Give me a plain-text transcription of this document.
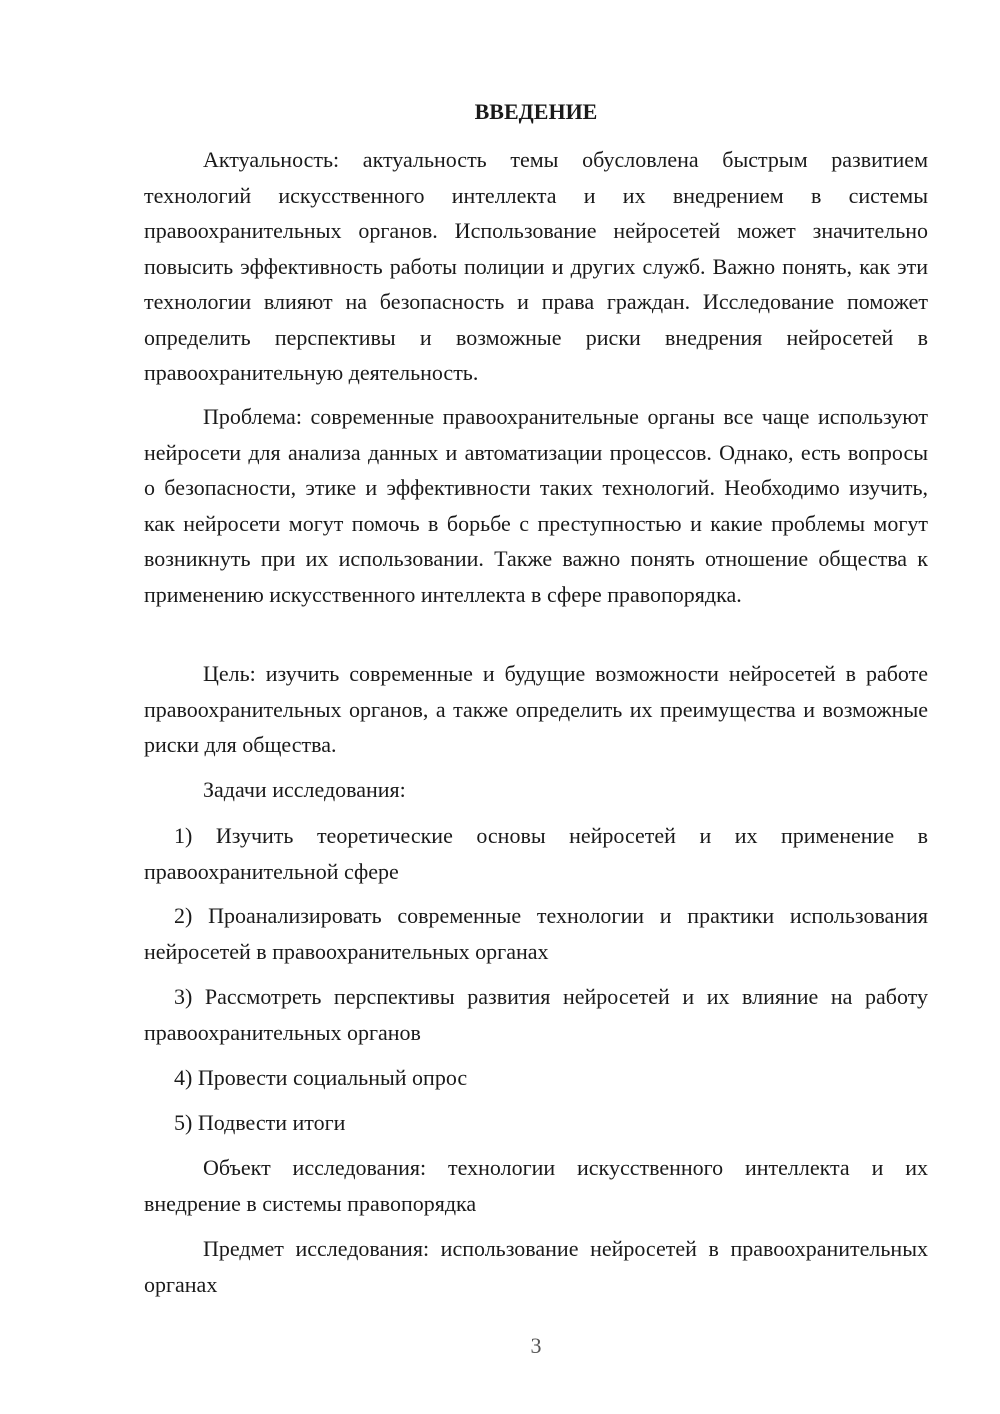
ВВЕДЕНИЕ

Актуальность: актуальность темы обусловлена быстрым развитием технологий искусственного интеллекта и их внедрением в системы правоохранительных органов. Использование нейросетей может значительно повысить эффективность работы полиции и других служб. Важно понять, как эти технологии влияют на безопасность и права граждан. Исследование поможет определить перспективы и возможные риски внедрения нейросетей в правоохранительную деятельность.

Проблема: современные правоохранительные органы все чаще используют нейросети для анализа данных и автоматизации процессов. Однако, есть вопросы о безопасности, этике и эффективности таких технологий. Необходимо изучить, как нейросети могут помочь в борьбе с преступностью и какие проблемы могут возникнуть при их использовании. Также важно понять отношение общества к применению искусственного интеллекта в сфере правопорядка.

Цель: изучить современные и будущие возможности нейросетей в работе правоохранительных органов, а также определить их преимущества и возможные риски для общества.

Задачи исследования:

1) Изучить теоретические основы нейросетей и их применение в правоохранительной сфере

2) Проанализировать современные технологии и практики использования нейросетей в правоохранительных органах

3) Рассмотреть перспективы развития нейросетей и их влияние на работу правоохранительных органов

4) Провести социальный опрос

5) Подвести итоги

Объект исследования: технологии искусственного интеллекта и их внедрение в системы правопорядка

Предмет исследования: использование нейросетей в правоохранительных органах

3
